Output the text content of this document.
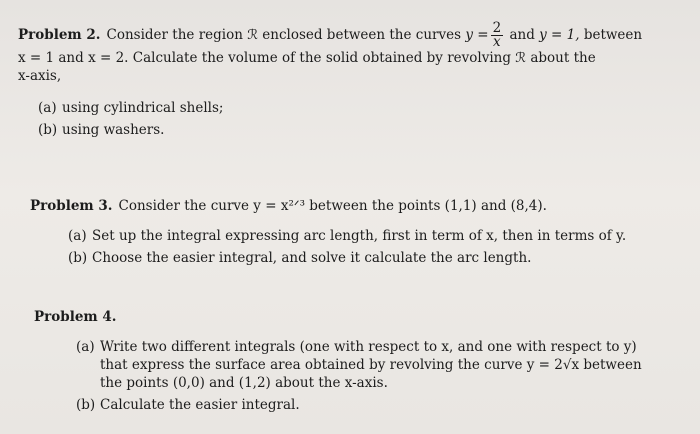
Problem 2. Consider the region ℛ enclosed between the curves $y = \frac{2}{x}$ and y = 1, between
x = 1 and x = 2. Calculate the volume of the solid obtained by revolving ℛ about the
x-axis,
(a) using cylindrical shells;
(b) using washers.
Problem 3. Consider the curve y = x²ᐟ³ between the points (1,1) and (8,4).
(a) Set up the integral expressing arc length, first in term of x, then in terms of y.
(b) Choose the easier integral, and solve it calculate the arc length.
Problem 4.
(a) Write two different integrals (one with respect to x, and one with respect to y) that express the surface area obtained by revolving the curve y = 2√x between the points (0,0) and (1,2) about the x-axis.
(b) Calculate the easier integral.
